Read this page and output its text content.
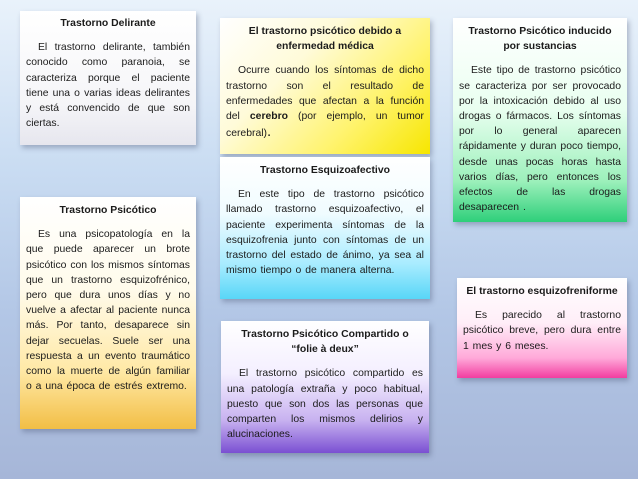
Trastorno Delirante
El trastorno delirante, también conocido como paranoia, se caracteriza porque el paciente tiene una o varias ideas delirantes y está convencido de que son ciertas.
El trastorno psicótico debido a enfermedad médica
Ocurre cuando los síntomas de dicho trastorno son el resultado de enfermedades que afectan a la función del cerebro (por ejemplo, un tumor cerebral).
Trastorno Psicótico inducido por sustancias
Este tipo de trastorno psicótico se caracteriza por ser provocado por la intoxicación debido al uso drogas o fármacos. Los síntomas por lo general aparecen rápidamente y duran poco tiempo, desde unas pocas horas hasta varios días, pero entonces los efectos de las drogas desaparecen .
Trastorno Esquizoafectivo
En este tipo de trastorno psicótico llamado trastorno esquizoafectivo, el paciente experimenta síntomas de la esquizofrenia junto con síntomas de un trastorno del estado de ánimo, ya sea al mismo tiempo o de manera alterna.
Trastorno Psicótico
Es una psicopatología en la que puede aparecer un brote psicótico con los mismos síntomas que un trastorno esquizofrénico, pero que dura unos días y no vuelve a afectar al paciente nunca más. Por tanto, desaparece sin dejar secuelas. Suele ser una respuesta a un evento traumático como la muerte de algún familiar o a una época de estrés extremo.
El trastorno esquizofreniforme
Es parecido al trastorno psicótico breve, pero dura entre 1 mes y 6 meses.
Trastorno Psicótico Compartido o “folie à deux”
El trastorno psicótico compartido es una patología extraña y poco habitual, puesto que son dos las personas que comparten los mismos delirios y alucinaciones.
